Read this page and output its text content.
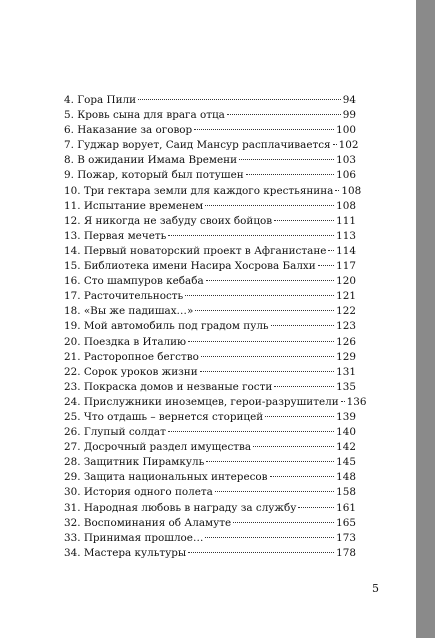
4. Гора Пили	94
5. Кровь сына для врага отца	99
6. Наказание за оговор	100
7. Гуджар ворует, Саид Мансур расплачивается 102
8. В ожидании Имама Времени	103
9. Пожар, который был потушен	106
10. Три гектара земли для каждого крестьянина 108
11. Испытание временем	108
12. Я никогда не забуду своих бойцов	111
13. Первая мечеть	113
14. Первый новаторский проект в Афганистане 114
15. Библиотека имени Насира Хосрова Балхи 117
16. Сто шампуров кебаба	120
17. Расточительность	121
18. «Вы же падишах…»	122
19. Мой автомобиль под градом пуль	123
20. Поездка в Италию	126
21. Расторопное бегство	129
22. Сорок уроков жизни	131
23. Покраска домов и незваные гости	135
24. Прислужники иноземцев, герои-разрушители 136
25. Что отдашь – вернется сторицей	139
26. Глупый солдат	140
27. Досрочный раздел имущества	142
28. Защитник Пирамкуль	145
29. Защита национальных интересов	148
30. История одного полета	158
31. Народная любовь в награду за службу	161
32. Воспоминания об Аламуте	165
33. Принимая прошлое…	173
34. Мастера культуры	178
5
